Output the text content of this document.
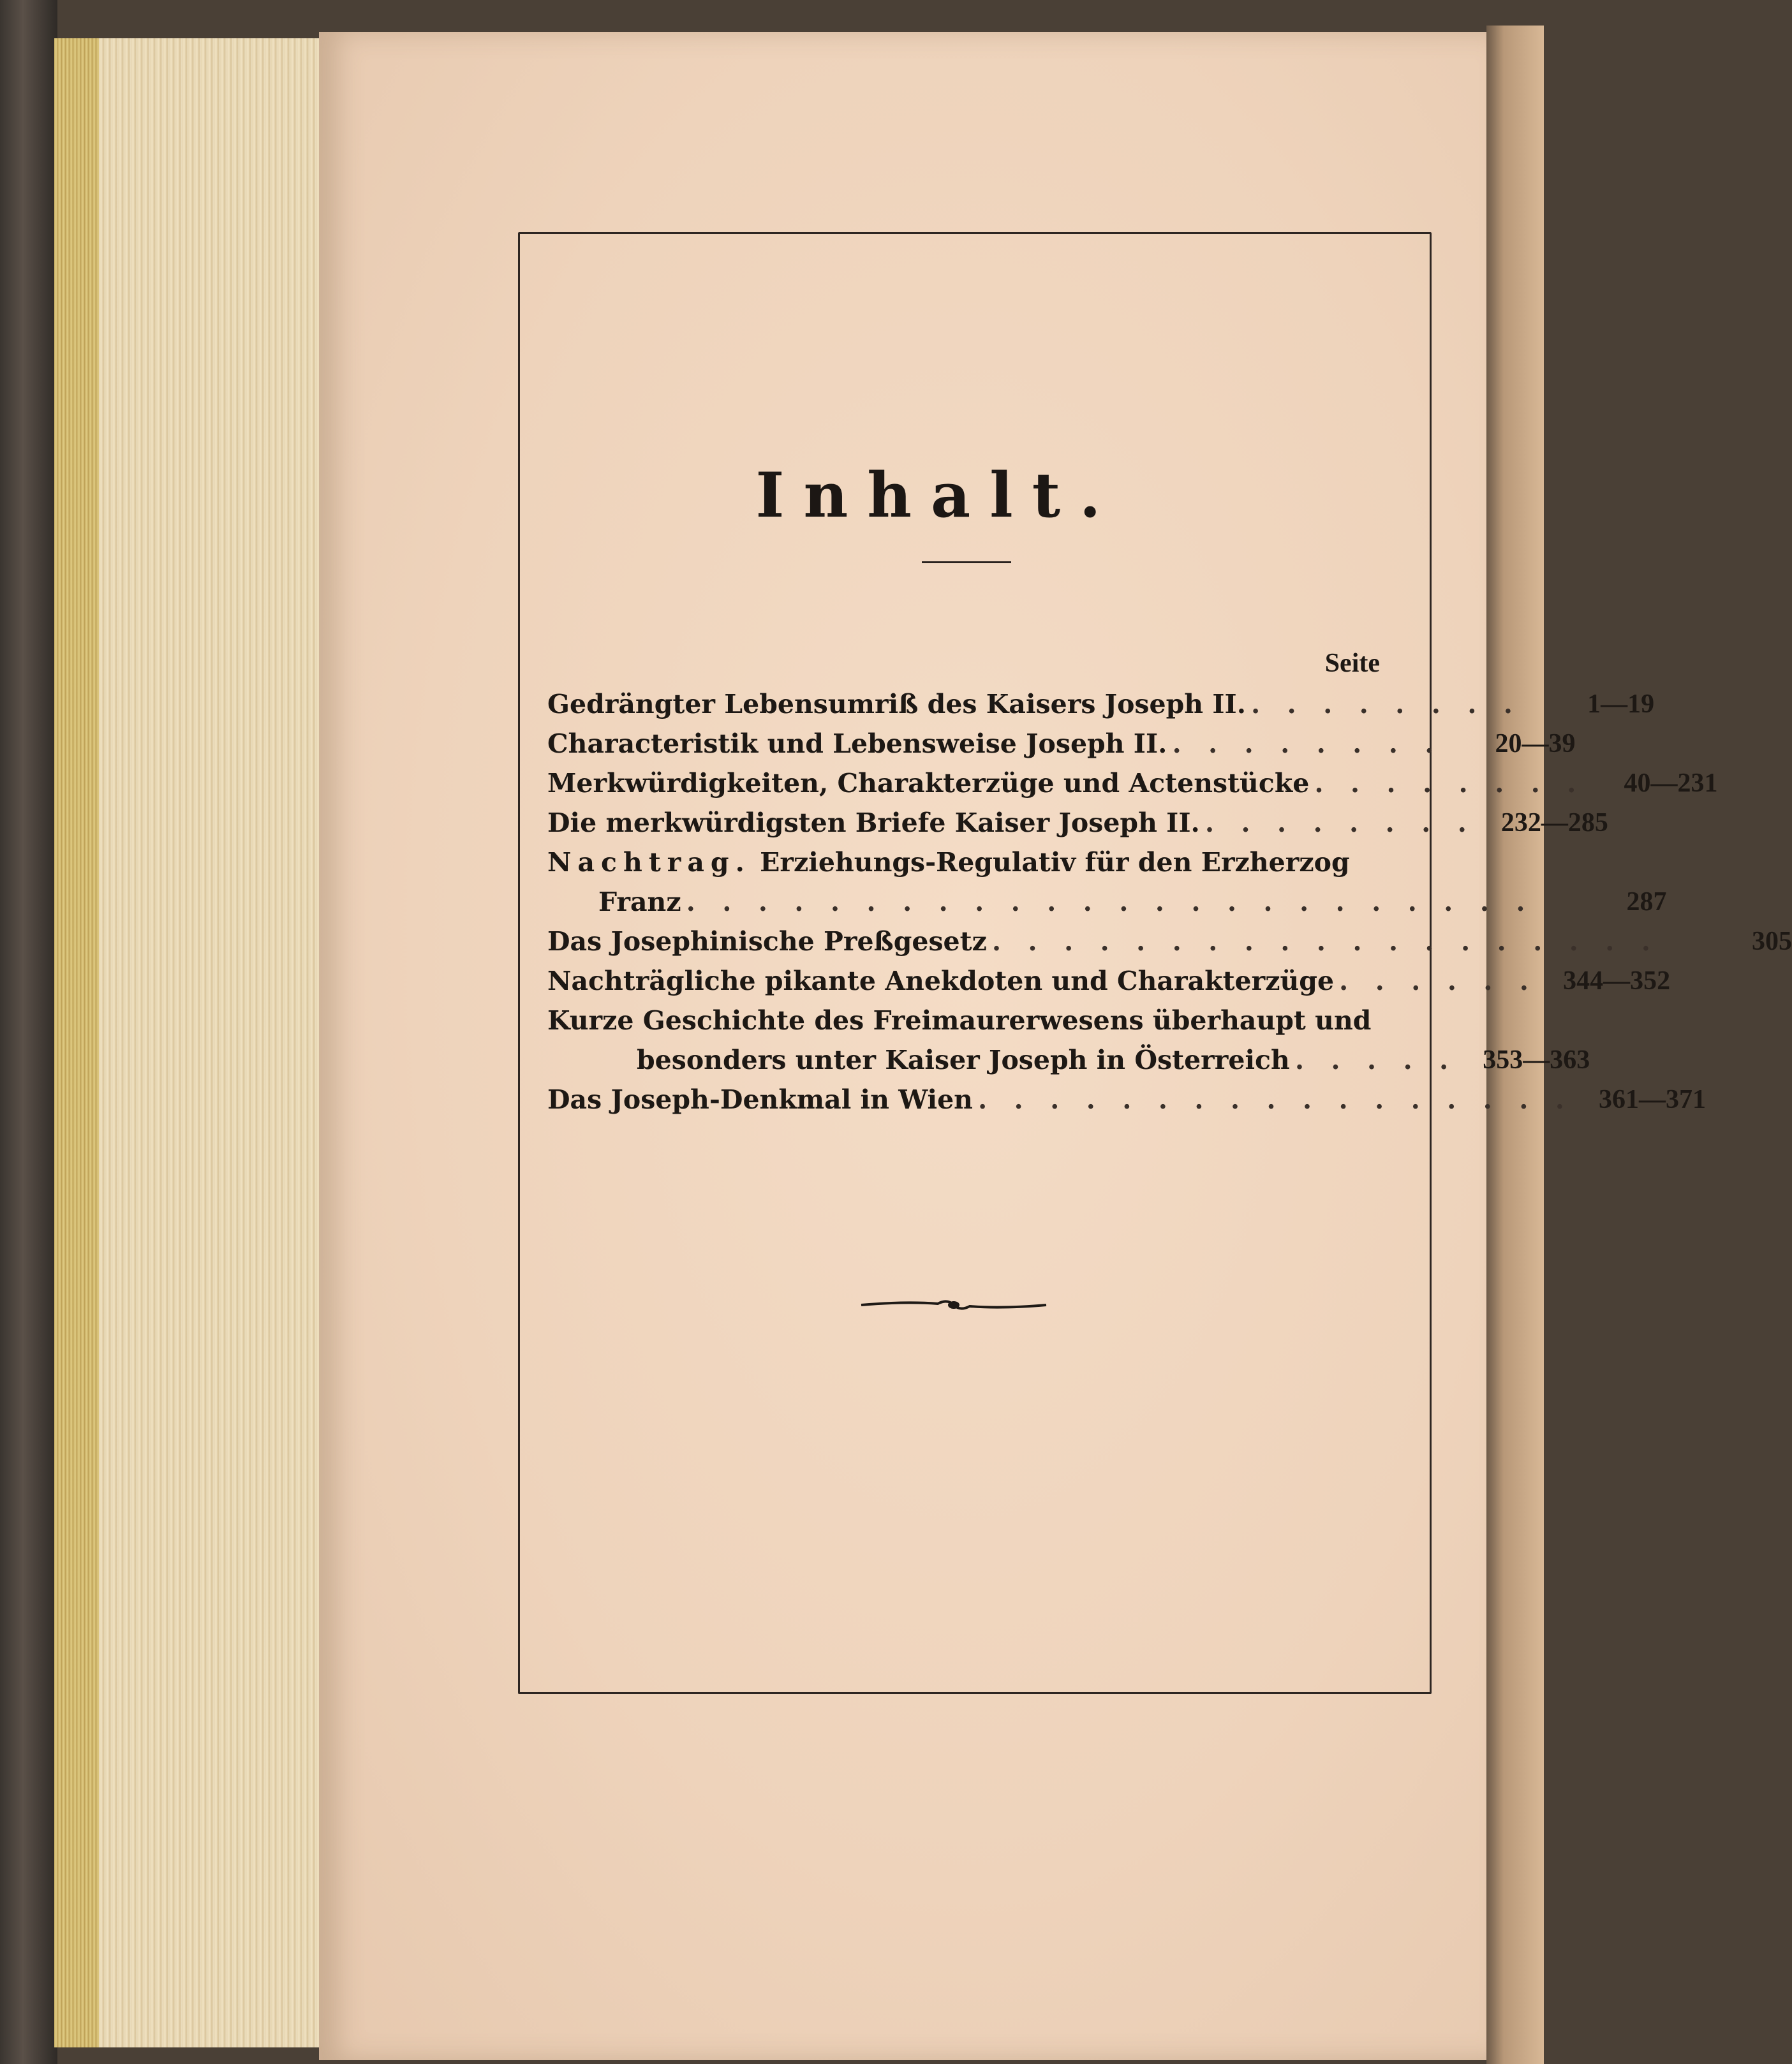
Inhalt.
Seite
Gedrängter Lebensumriß des Kaisers Joseph II. . . . . . . . .	1—19
Characteristik und Lebensweise Joseph II. . . . . . . . .	20—39
Merkwürdigkeiten, Charakterzüge und Actenstücke . . . . . . . .	40—231
Die merkwürdigsten Briefe Kaiser Joseph II. . . . . . . . . 232—285
Nachtrag. Erziehungs-Regulativ für den Erzherzog
Franz . . . . . . . . . . . . . . . . . . . . . . . .	287
Das Josephinische Preßgesetz . . . . . . . . . . . . . . . . . . .	305
Nachträgliche pikante Anekdoten und Charakterzüge . . . . . . 344—352
Kurze Geschichte des Freimaurerwesens überhaupt und
besonders unter Kaiser Joseph in Österreich . . . . . 353—363
Das Joseph-Denkmal in Wien . . . . . . . . . . . . . . . . . 361—371
